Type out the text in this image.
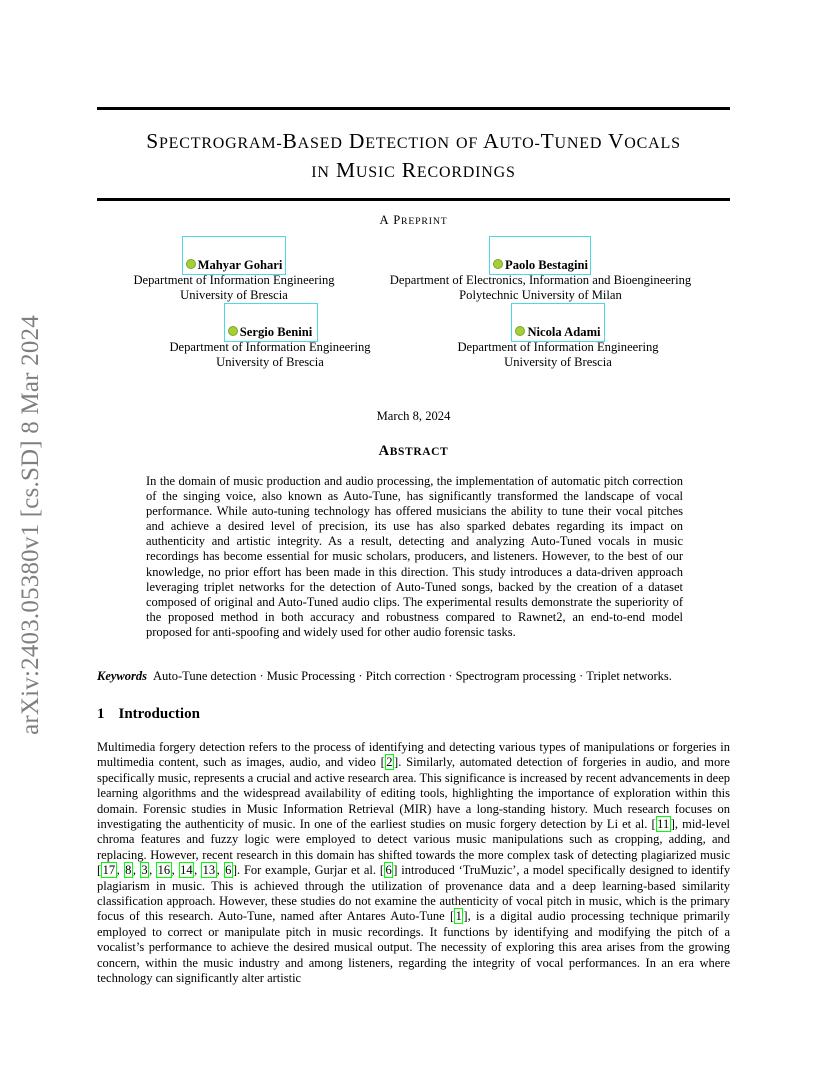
arXiv:2403.05380v1 [cs.SD] 8 Mar 2024
SPECTROGRAM-BASED DETECTION OF AUTO-TUNED VOCALS
IN MUSIC RECORDINGS
A PREPRINT
Mahyar Gohari
Department of Information Engineering
University of Brescia
Paolo Bestagini
Department of Electronics, Information and Bioengineering
Polytechnic University of Milan
Sergio Benini
Department of Information Engineering
University of Brescia
Nicola Adami
Department of Information Engineering
University of Brescia
March 8, 2024
ABSTRACT
In the domain of music production and audio processing, the implementation of automatic pitch correction of the singing voice, also known as Auto-Tune, has significantly transformed the landscape of vocal performance. While auto-tuning technology has offered musicians the ability to tune their vocal pitches and achieve a desired level of precision, its use has also sparked debates regarding its impact on authenticity and artistic integrity. As a result, detecting and analyzing Auto-Tuned vocals in music recordings has become essential for music scholars, producers, and listeners. However, to the best of our knowledge, no prior effort has been made in this direction. This study introduces a data-driven approach leveraging triplet networks for the detection of Auto-Tuned songs, backed by the creation of a dataset composed of original and Auto-Tuned audio clips. The experimental results demonstrate the superiority of the proposed method in both accuracy and robustness compared to Rawnet2, an end-to-end model proposed for anti-spoofing and widely used for other audio forensic tasks.
Keywords Auto-Tune detection · Music Processing · Pitch correction · Spectrogram processing · Triplet networks.
1 Introduction
Multimedia forgery detection refers to the process of identifying and detecting various types of manipulations or forgeries in multimedia content, such as images, audio, and video [ 2 ]. Similarly, automated detection of forgeries in audio, and more specifically music, represents a crucial and active research area. This significance is increased by recent advancements in deep learning algorithms and the widespread availability of editing tools, highlighting the importance of exploration within this domain. Forensic studies in Music Information Retrieval (MIR) have a long-standing history. Much research focuses on investigating the authenticity of music. In one of the earliest studies on music forgery detection by Li et al. [ 11 ], mid-level chroma features and fuzzy logic were employed to detect various music manipulations such as cropping, adding, and replacing. However, recent research in this domain has shifted towards the more complex task of detecting plagiarized music [ 17 , 8 , 3 , 16 , 14 , 13 , 6 ]. For example, Gurjar et al. [ 6 ] introduced ‘TruMuzic’, a model specifically designed to identify plagiarism in music. This is achieved through the utilization of provenance data and a deep learning-based similarity classification approach. However, these studies do not examine the authenticity of vocal pitch in music, which is the primary focus of this research. Auto-Tune, named after Antares Auto-Tune [ 1 ], is a digital audio processing technique primarily employed to correct or manipulate pitch in music recordings. It functions by identifying and modifying the pitch of a vocalist’s performance to achieve the desired musical output. The necessity of exploring this area arises from the growing concern, within the music industry and among listeners, regarding the integrity of vocal performances. In an era where technology can significantly alter artistic
